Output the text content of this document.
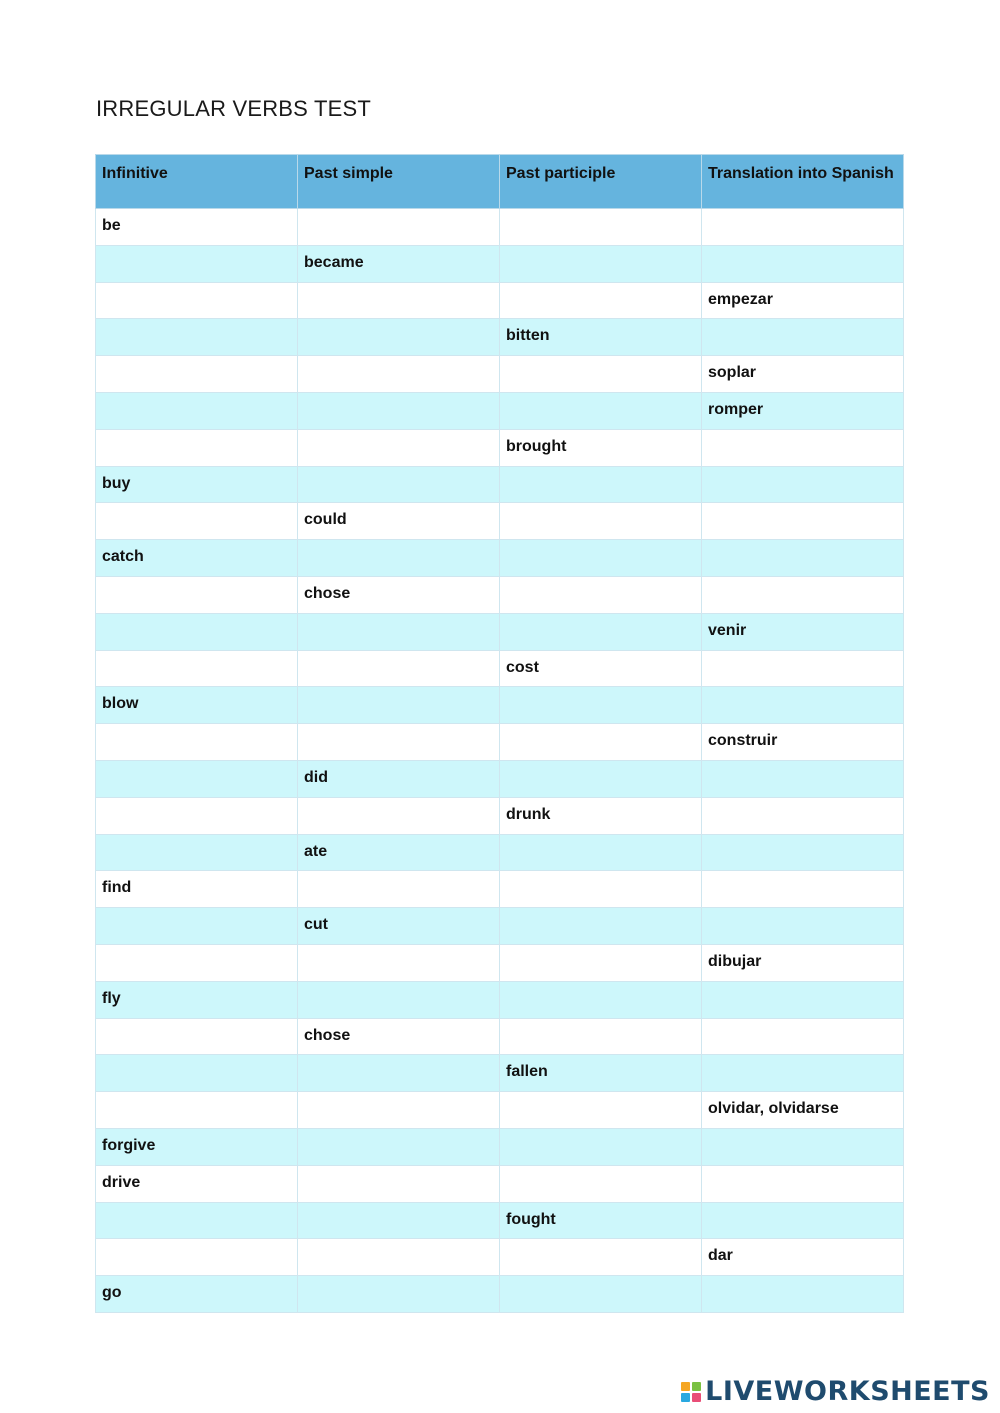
IRREGULAR VERBS TEST
Infinitive	Past simple	Past participle	Translation into Spanish
be			
	became		
			empezar
		bitten	
			soplar
			romper
		brought	
buy			
	could		
catch			
	chose		
			venir
		cost	
blow			
			construir
	did		
		drunk	
	ate		
find			
	cut		
			dibujar
fly			
	chose		
		fallen	
			olvidar, olvidarse
forgive			
drive			
		fought	
			dar
go			
LIVEWORKSHEETS
